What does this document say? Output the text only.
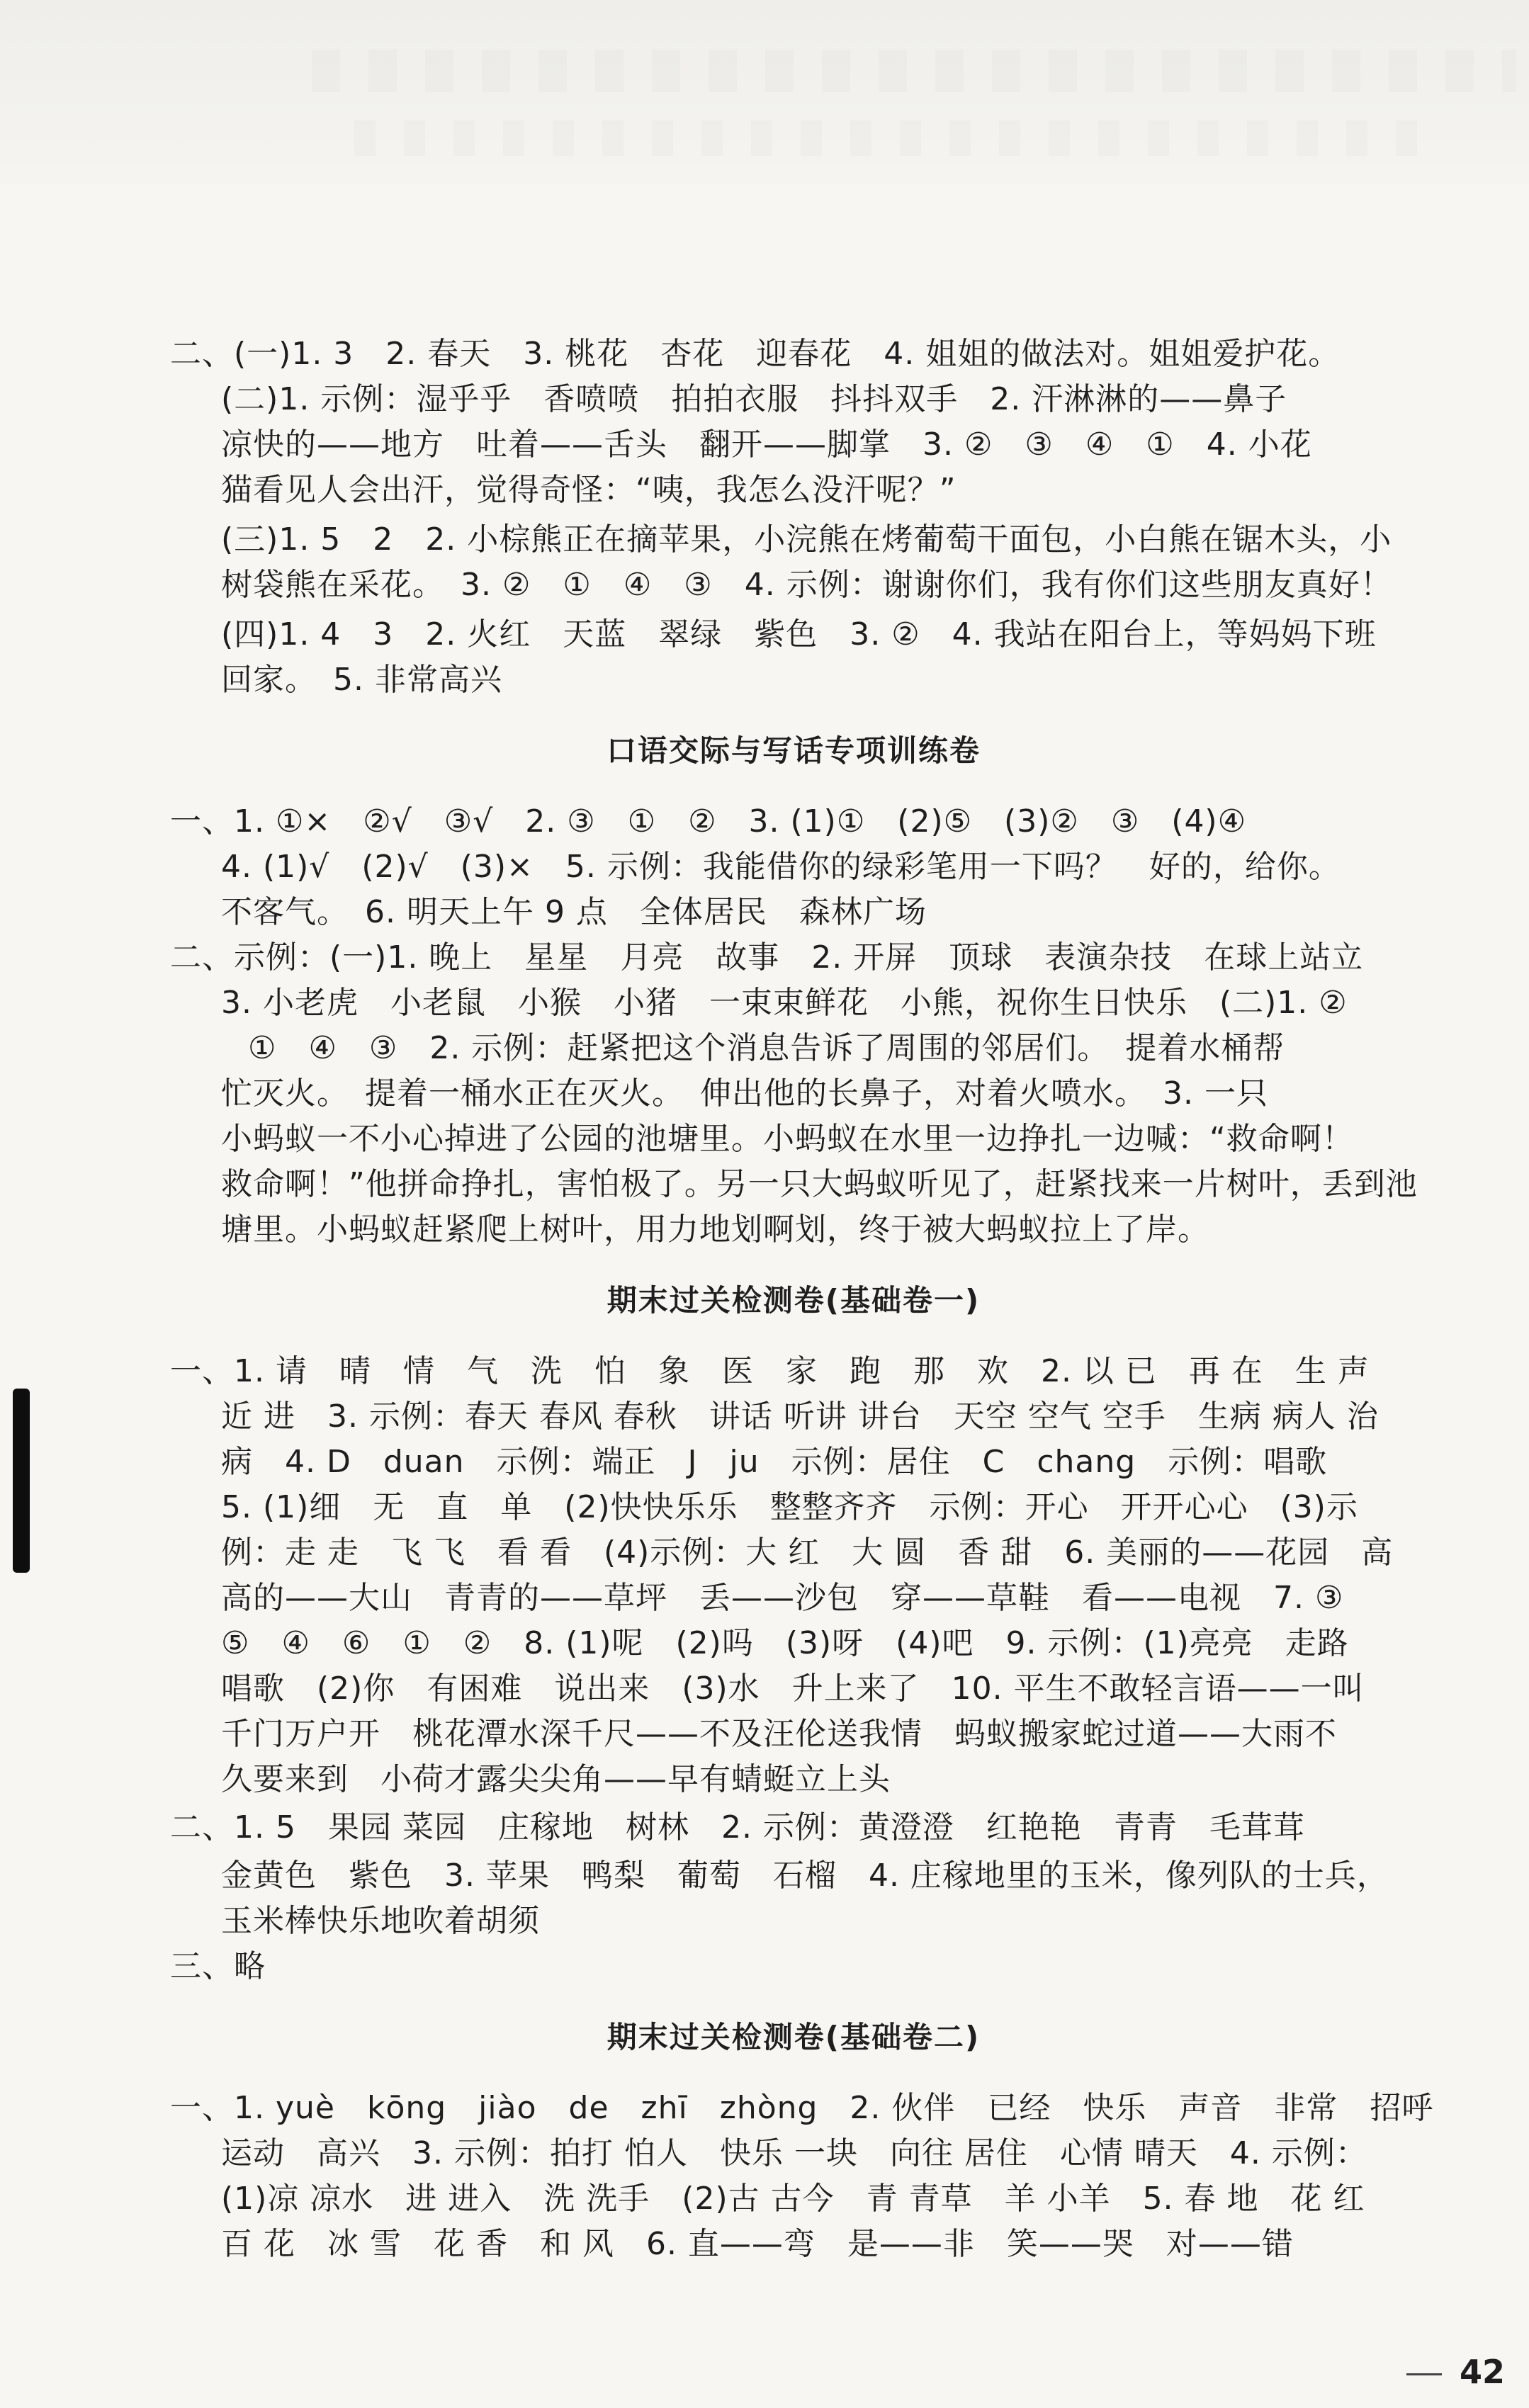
二、(一)1. 3　2. 春天　3. 桃花　杏花　迎春花　4. 姐姐的做法对。姐姐爱护花。
(二)1. 示例：湿乎乎　香喷喷　拍拍衣服　抖抖双手　2. 汗淋淋的——鼻子
凉快的——地方　吐着——舌头　翻开——脚掌　3. ②　③　④　①　4. 小花
猫看见人会出汗，觉得奇怪：“咦，我怎么没汗呢？”
(三)1. 5　2　2. 小棕熊正在摘苹果，小浣熊在烤葡萄干面包，小白熊在锯木头，小
树袋熊在采花。　3. ②　①　④　③　4. 示例：谢谢你们，我有你们这些朋友真好！
(四)1. 4　3　2. 火红　天蓝　翠绿　紫色　3. ②　4. 我站在阳台上，等妈妈下班
回家。　5. 非常高兴
口语交际与写话专项训练卷
一、1. ①×　②√　③√　2. ③　①　②　3. (1)①　(2)⑤　(3)②　③　(4)④
4. (1)√　(2)√　(3)×　5. 示例：我能借你的绿彩笔用一下吗？　好的，给你。
不客气。　6. 明天上午 9 点　全体居民　森林广场
二、示例：(一)1. 晚上　星星　月亮　故事　2. 开屏　顶球　表演杂技　在球上站立
3. 小老虎　小老鼠　小猴　小猪　一束束鲜花　小熊，祝你生日快乐　(二)1. ②
①　④　③　2. 示例：赶紧把这个消息告诉了周围的邻居们。　提着水桶帮
忙灭火。　提着一桶水正在灭火。　伸出他的长鼻子，对着火喷水。　3. 一只
小蚂蚁一不小心掉进了公园的池塘里。小蚂蚁在水里一边挣扎一边喊：“救命啊！
救命啊！”他拼命挣扎，害怕极了。另一只大蚂蚁听见了，赶紧找来一片树叶，丢到池
塘里。小蚂蚁赶紧爬上树叶，用力地划啊划，终于被大蚂蚁拉上了岸。
期末过关检测卷(基础卷一)
一、1. 请　晴　情　气　洗　怕　象　医　家　跑　那　欢　2. 以 已　再 在　生 声
近 进　3. 示例：春天 春风 春秋　讲话 听讲 讲台　天空 空气 空手　生病 病人 治
病　4. D　duan　示例：端正　J　ju　示例：居住　C　chang　示例：唱歌
5. (1)细　无　直　单　(2)快快乐乐　整整齐齐　示例：开心　开开心心　(3)示
例：走 走　飞 飞　看 看　(4)示例：大 红　大 圆　香 甜　6. 美丽的——花园　高
高的——大山　青青的——草坪　丢——沙包　穿——草鞋　看——电视　7. ③
⑤　④　⑥　①　②　8. (1)呢　(2)吗　(3)呀　(4)吧　9. 示例：(1)亮亮　走路
唱歌　(2)你　有困难　说出来　(3)水　升上来了　10. 平生不敢轻言语——一叫
千门万户开　桃花潭水深千尺——不及汪伦送我情　蚂蚁搬家蛇过道——大雨不
久要来到　小荷才露尖尖角——早有蜻蜓立上头
二、1. 5　果园 菜园　庄稼地　树林　2. 示例：黄澄澄　红艳艳　青青　毛茸茸
金黄色　紫色　3. 苹果　鸭梨　葡萄　石榴　4. 庄稼地里的玉米，像列队的士兵，
玉米棒快乐地吹着胡须
三、略
期末过关检测卷(基础卷二)
一、1. yuè　kōng　jiào　de　zhī　zhòng　2. 伙伴　已经　快乐　声音　非常　招呼
运动　高兴　3. 示例：拍打 怕人　快乐 一块　向往 居住　心情 晴天　4. 示例：
(1)凉 凉水　进 进入　洗 洗手　(2)古 古今　青 青草　羊 小羊　5. 春 地　花 红
百 花　冰 雪　花 香　和 风　6. 直——弯　是——非　笑——哭　对——错
42
